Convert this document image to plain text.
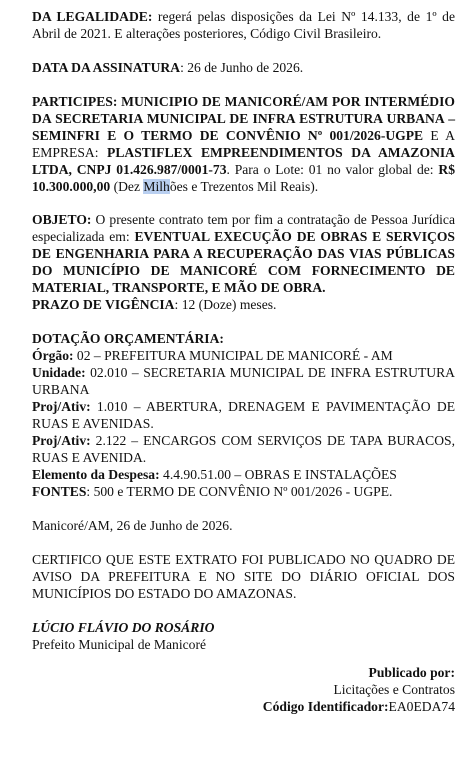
DA LEGALIDADE: regerá pelas disposições da Lei Nº 14.133, de 1º de Abril de 2021. E alterações posteriores, Código Civil Brasileiro.

DATA DA ASSINATURA: 26 de Junho de 2026.

PARTICIPES: MUNICIPIO DE MANICORÉ/AM POR INTERMÉDIO DA SECRETARIA MUNICIPAL DE INFRA ESTRUTURA URBANA – SEMINFRI E O TERMO DE CONVÊNIO Nº 001/2026-UGPE E A EMPRESA: PLASTIFLEX EMPREENDIMENTOS DA AMAZONIA LTDA, CNPJ 01.426.987/0001-73. Para o Lote: 01 no valor global de: R$ 10.300.000,00 (Dez Milhões e Trezentos Mil Reais).

OBJETO: O presente contrato tem por fim a contratação de Pessoa Jurídica especializada em: EVENTUAL EXECUÇÃO DE OBRAS E SERVIÇOS DE ENGENHARIA PARA A RECUPERAÇÃO DAS VIAS PÚBLICAS DO MUNICÍPIO DE MANICORÉ COM FORNECIMENTO DE MATERIAL, TRANSPORTE, E MÃO DE OBRA.

PRAZO DE VIGÊNCIA: 12 (Doze) meses.

DOTAÇÃO ORÇAMENTÁRIA:

Órgão: 02 – PREFEITURA MUNICIPAL DE MANICORÉ - AM

Unidade: 02.010 – SECRETARIA MUNICIPAL DE INFRA ESTRUTURA URBANA

Proj/Ativ: 1.010 – ABERTURA, DRENAGEM E PAVIMENTAÇÃO DE RUAS E AVENIDAS.

Proj/Ativ: 2.122 – ENCARGOS COM SERVIÇOS DE TAPA BURACOS, RUAS E AVENIDA.

Elemento da Despesa: 4.4.90.51.00 – OBRAS E INSTALAÇÕES

FONTES: 500 e TERMO DE CONVÊNIO Nº 001/2026 - UGPE.

Manicoré/AM, 26 de Junho de 2026.

CERTIFICO QUE ESTE EXTRATO FOI PUBLICADO NO QUADRO DE AVISO DA PREFEITURA E NO SITE DO DIÁRIO OFICIAL DOS MUNICÍPIOS DO ESTADO DO AMAZONAS.

LÚCIO FLÁVIO DO ROSÁRIO

Prefeito Municipal de Manicoré

Publicado por:

Licitações e Contratos

Código Identificador:EA0EDA74
